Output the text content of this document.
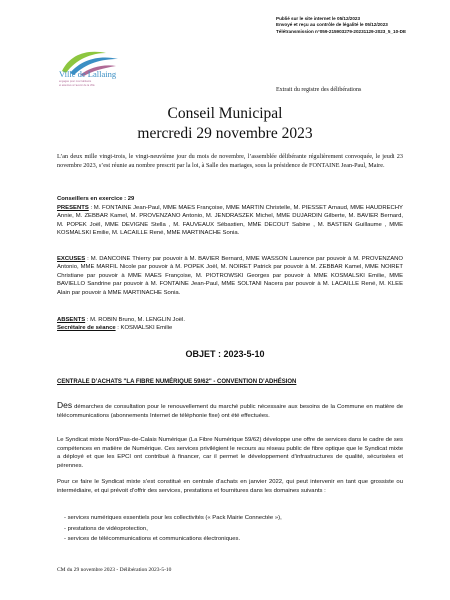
Publié sur le site internet le 05/12/2023
Envoyé et reçu au contrôle de légalité le 05/12/2023
Télétransmission n°059-215903279-20231129-2023_5_10-DE
Ville de Lallaing
engagée pour nos habitants
et attentive à l’avenir de la Ville
Extrait du registre des délibérations
Conseil Municipal
mercredi 29 novembre 2023
L’an deux mille vingt-trois, le vingt-neuvième jour du mois de novembre, l’assemblée délibérante régulièrement convoquée, le jeudi 23 novembre 2023, s’est réunie au nombre prescrit par la loi, à Salle des mariages, sous la présidence de FONTAINE Jean-Paul, Maire.
Conseillers en exercice : 29
PRESENTS : M. FONTAINE Jean-Paul, MME MAES Françoise, MME MARTIN Christelle, M. PIESSET Arnaud, MME HAUDRECHY Annie, M. ZEBBAR Kamel, M. PROVENZANO Antonio, M. JENDRASZEK Michel, MME DUJARDIN Gilberte, M. BAVIER Bernard, M. POPEK Joël, MME DEVIGNE Stella , M. FAUVEAUX Sébastien, MME DECOUT Sabine , M. BASTIEN Guillaume , MME KOSMALSKI Emilie, M. LACAILLE René, MME MARTINACHE Sonia.
EXCUSES : M. DANCOINE Thierry par pouvoir à M. BAVIER Bernard, MME WASSON Laurence par pouvoir à M. PROVENZANO Antonio, MME MARFIL Nicole par pouvoir à M. POPEK Joël, M. NOIRET Patrick par pouvoir à M. ZEBBAR Kamel, MME NOIRET Christiane par pouvoir à MME MAES Françoise, M. PIOTROWSKI Georges par pouvoir à MME KOSMALSKI Emilie, MME BAVIELLO Sandrine par pouvoir à M. FONTAINE Jean-Paul, MME SOLTANI Nacera par pouvoir à M. LACAILLE René, M. KLEE Alain par pouvoir à MME MARTINACHE Sonia.
ABSENTS : M. ROBIN Bruno, M. LENGLIN Joël.
Secrétaire de séance : KOSMALSKI Emilie
OBJET : 2023-5-10
CENTRALE D’ACHATS "LA FIBRE NUMÉRIQUE 59/62" - CONVENTION D’ADHÉSION
Des démarches de consultation pour le renouvellement du marché public nécessaire aux besoins de la Commune en matière de télécommunications (abonnements Internet de téléphonie fixe) ont été effectuées.
Le Syndicat mixte Nord/Pas-de-Calais Numérique (La Fibre Numérique 59/62) développe une offre de services dans le cadre de ses compétences en matière de Numérique. Ces services privilégient le recours au réseau public de fibre optique que le Syndicat mixte a déployé et que les EPCI ont contribué à financer, car il permet le développement d’infrastructures de qualité, sécurisées et pérennes.
Pour ce faire le Syndicat mixte s’est constitué en centrale d’achats en janvier 2022, qui peut intervenir en tant que grossiste ou intermédiaire, et qui prévoit d’offrir des services, prestations et fournitures dans les domaines suivants :
- services numériques essentiels pour les collectivités (« Pack Mairie Connectée »),
- prestations de vidéoprotection,
- services de télécommunications et communications électroniques.
CM du 29 novembre 2023 - Délibération 2023-5-10
